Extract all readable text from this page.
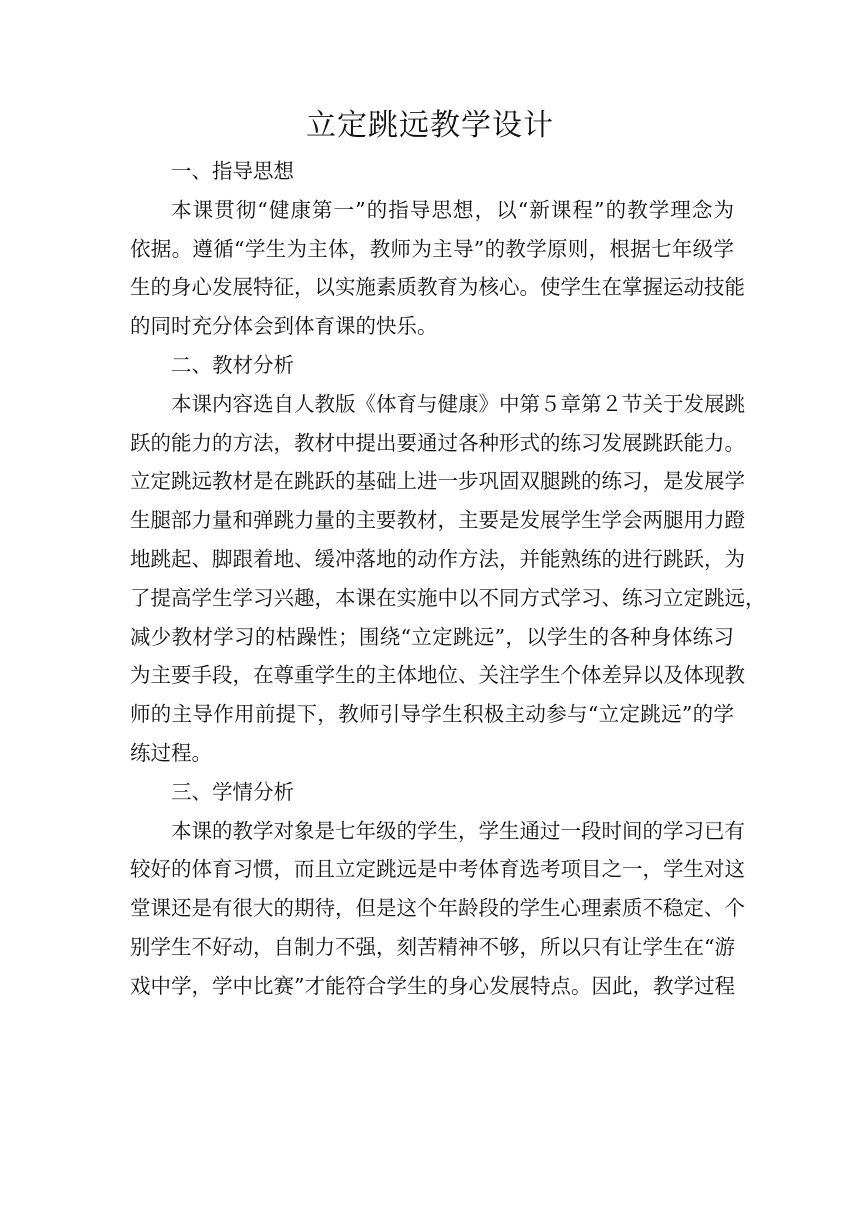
立定跳远教学设计
一、指导思想

本课贯彻“健康第一”的指导思想，以“新课程”的教学理念为
依据。遵循“学生为主体，教师为主导”的教学原则，根据七年级学
生的身心发展特征，以实施素质教育为核心。使学生在掌握运动技能
的同时充分体会到体育课的快乐。

二、教材分析

本课内容选自人教版《体育与健康》中第５章第２节关于发展跳
跃的能力的方法，教材中提出要通过各种形式的练习发展跳跃能力。
立定跳远教材是在跳跃的基础上进一步巩固双腿跳的练习，是发展学
生腿部力量和弹跳力量的主要教材，主要是发展学生学会两腿用力蹬
地跳起、脚跟着地、缓冲落地的动作方法，并能熟练的进行跳跃，为
了提高学生学习兴趣，本课在实施中以不同方式学习、练习立定跳远，
减少教材学习的枯躁性；围绕“立定跳远”，以学生的各种身体练习
为主要手段，在尊重学生的主体地位、关注学生个体差异以及体现教
师的主导作用前提下，教师引导学生积极主动参与“立定跳远”的学
练过程。

三、学情分析

本课的教学对象是七年级的学生，学生通过一段时间的学习已有
较好的体育习惯，而且立定跳远是中考体育选考项目之一，学生对这
堂课还是有很大的期待，但是这个年龄段的学生心理素质不稳定、个
别学生不好动，自制力不强，刻苦精神不够，所以只有让学生在“游
戏中学，学中比赛”才能符合学生的身心发展特点。因此，教学过程
